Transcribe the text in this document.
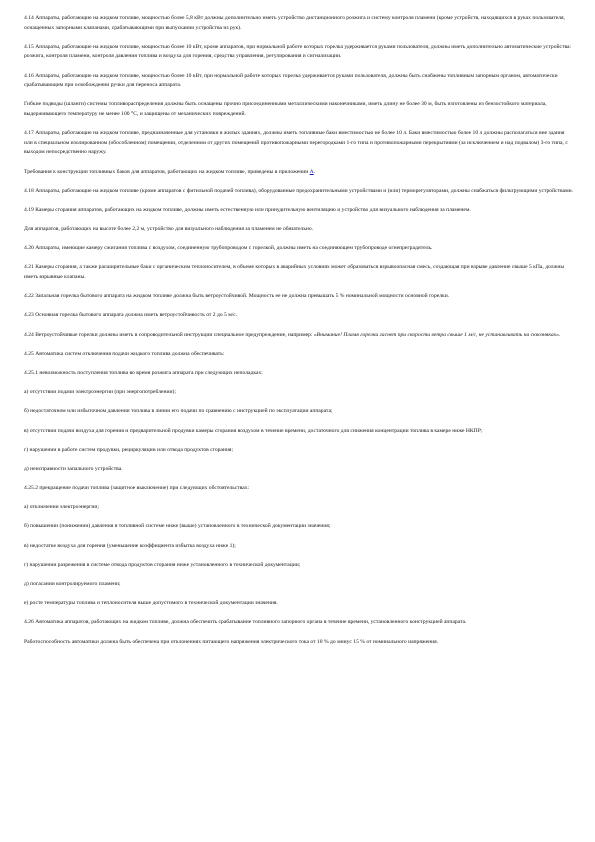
4.14 Аппараты, работающие на жидком топливе, мощностью более 5,8 кВт должны дополнительно иметь устройство дистанционного розжига и систему контроля пламени (кроме устройств, находящихся в руках пользователя, оснащенных запорными клапанами, срабатывающими при выпускании устройства из рук).

4.15 Аппараты, работающие на жидком топливе, мощностью более 10 кВт, кроме аппаратов, при нормальной работе которых горелка удерживается руками пользователя, должны иметь дополнительно автоматические устройства: розжига, контроля пламени, контроля давления топлива и воздуха для горения, средства управления, регулирования и сигнализации.

4.16 Аппараты, работающие на жидком топливе, мощностью более 10 кВт, при нормальной работе которых горелка удерживается руками пользователя, должны быть снабжены топливным запорным органом, автоматически срабатывающим при освобождении ручки для переноса аппарата.

Гибкие подводы (шланги) системы топливораспределения должны быть оснащены прочно присоединенными металлическими наконечниками, иметь длину не более 30 м, быть изготовлены из бензостойкого материала, выдерживающего температуру не менее 100 °С, и защищены от механических повреждений.

4.17 Аппараты, работающие на жидком топливе, предназначенные для установки в жилых зданиях, должны иметь топливные баки вместимостью не более 10 л. Баки вместимостью более 10 л должны располагаться вне здания или в специальном изолированном (обособленном) помещении, отделенном от других помещений противопожарными перегородками 1-го типа и противопожарными перекрытиями (за исключением и над подвалом) 3-го типа, с выходом непосредственно наружу.

Требования к конструкции топливных баков для аппаратов, работающих на жидком топливе, приведены в приложении А.

4.18 Аппараты, работающие на жидком топливе (кроме аппаратов с фитильной подачей топлива), оборудованные предохранительными устройствами и (или) терморегуляторами, должны снабжаться фильтрующими устройствами.

4.19 Камеры сгорания аппаратов, работающих на жидком топливе, должны иметь естественную или принудительную вентиляцию и устройство для визуального наблюдения за пламенем.

Для аппаратов, работающих на высоте более 2,2 м, устройство для визуального наблюдения за пламенем не обязательно.

4.20 Аппараты, имеющие камеру сжигания топлива с воздухом, соединенную трубопроводом с горелкой, должны иметь на соединяющем трубопроводе огнепреградитель.

4.21 Камеры сгорания, а также расширительные баки с органическим теплоносителем, в объеме которых в аварийных условиях может образоваться взрывоопасная смесь, создающая при взрыве давление свыше 5 кПа, должны иметь взрывные клапаны.

4.22 Запальная горелка бытового аппарата на жидком топливе должна быть ветроустойчивой. Мощность ее не должна превышать 5 % номинальной мощности основной горелки.

4.23 Основная горелка бытового аппарата должна иметь ветроустойчивость от 2 до 5 м/с.

4.24 Ветроустойчивые горелки должны иметь в сопроводительной инструкции специальное предупреждение, например: «Внимание! Пламя горелки гаснет при скорости ветра свыше 1 м/с, не устанавливать на сквозняках».

4.25 Автоматика систем отключения подачи жидкого топлива должна обеспечивать:

4.25.1 невозможность поступления топлива во время розжига аппарата при следующих неполадках:

а) отсутствии подачи электроэнергии (при энергопотреблении);

б) недостаточном или избыточном давлении топлива в линии его подачи по сравнению с инструкцией по эксплуатации аппарата;

в) отсутствии подачи воздуха для горения и предварительной продувки камеры сгорания воздухом в течение времени, достаточного для снижения концентрации топлива в камере ниже НКПР;

г) нарушении в работе систем продувки, рециркуляции или отвода продуктов сгорания;

д) неисправности запального устройства.

4.25.2 прекращение подачи топлива (защитное выключение) при следующих обстоятельствах:

а) отключении электроэнергии;

б) повышении (понижении) давления в топливной системе ниже (выше) установленного в технической документации значения;

в) недостатке воздуха для горения (уменьшение коэффициента избытка воздуха ниже 1);

г) нарушении разрежения в системе отвода продуктов сгорания ниже установленного в технической документации;

д) погасании контролируемого пламени;

е) росте температуры топлива и теплоносителя выше допустимого в технической документации значения.

4.26 Автоматика аппаратов, работающих на жидком топливе, должна обеспечить срабатывание топливного запорного органа в течение времени, установленного конструкцией аппарата.

Работоспособность автоматики должна быть обеспечена при отклонениях питающего напряжения электрического тока от 10 % до минус 15 % от номинального напряжения.
